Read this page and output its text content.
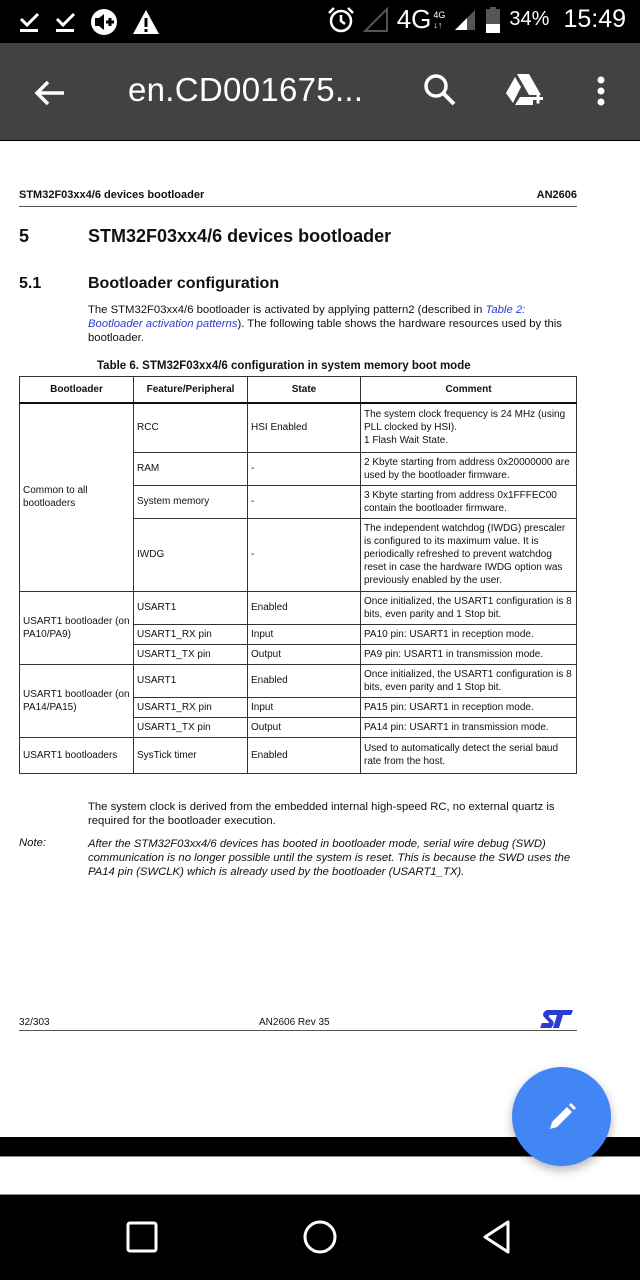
4G 4G
↓↑	34% 15:49
en.CD001675...
STM32F03xx4/6 devices bootloader	AN2606
5	STM32F03xx4/6 devices bootloader
5.1	Bootloader configuration
The STM32F03xx4/6 bootloader is activated by applying pattern2 (described in Table 2: Bootloader activation patterns). The following table shows the hardware resources used by this bootloader.
Table 6. STM32F03xx4/6 configuration in system memory boot mode
Bootloader	Feature/Peripheral	State	Comment
Common to all bootloaders	RCC	HSI Enabled	The system clock frequency is 24 MHz (using PLL clocked by HSI).
1 Flash Wait State.

	RAM	-	2 Kbyte starting from address 0x20000000 are used by the bootloader firmware.
	System memory	-	3 Kbyte starting from address 0x1FFFEC00 contain the bootloader firmware.
	IWDG	-	The independent watchdog (IWDG) prescaler is configured to its maximum value. It is periodically refreshed to prevent watchdog reset in case the hardware IWDG option was previously enabled by the user.
USART1 bootloader (on PA10/PA9)	USART1	Enabled	Once initialized, the USART1 configuration is 8 bits, even parity and 1 Stop bit.
	USART1_RX pin	Input	PA10 pin: USART1 in reception mode.
	USART1_TX pin	Output	PA9 pin: USART1 in transmission mode.
USART1 bootloader (on PA14/PA15)	USART1	Enabled	Once initialized, the USART1 configuration is 8 bits, even parity and 1 Stop bit.
	USART1_RX pin	Input	PA15 pin: USART1 in reception mode.
	USART1_TX pin	Output	PA14 pin: USART1 in transmission mode.
USART1 bootloaders	SysTick timer	Enabled	Used to automatically detect the serial baud rate from the host.
The system clock is derived from the embedded internal high-speed RC, no external quartz is required for the bootloader execution.
Note:	After the STM32F03xx4/6 devices has booted in bootloader mode, serial wire debug (SWD) communication is no longer possible until the system is reset. This is because the SWD uses the PA14 pin (SWCLK) which is already used by the bootloader (USART1_TX).
32/303	AN2606 Rev 35
